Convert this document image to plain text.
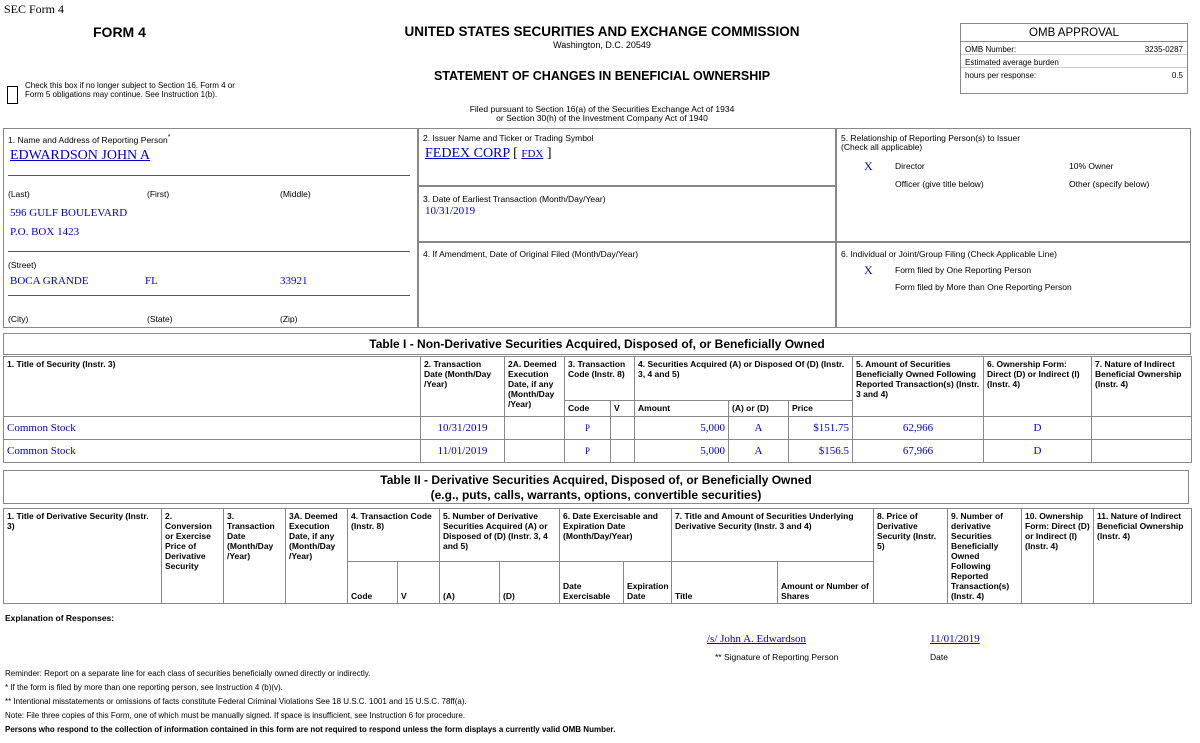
SEC Form 4
FORM 4	UNITED STATES SECURITIES AND EXCHANGE COMMISSION
Washington, D.C. 20549
STATEMENT OF CHANGES IN BENEFICIAL OWNERSHIP
Filed pursuant to Section 16(a) of the Securities Exchange Act of 1934
or Section 30(h) of the Investment Company Act of 1940
Check this box if no longer subject to Section 16. Form 4 or Form 5 obligations may continue. See Instruction 1(b).
OMB APPROVAL
OMB Number:	3235-0287
Estimated average burden
hours per response:	0.5
1. Name and Address of Reporting Person*
EDWARDSON JOHN A
(Last)	(First)	(Middle)
596 GULF BOULEVARD
P.O. BOX 1423
(Street)
BOCA GRANDE	FL	33921
(City)	(State)	(Zip)
2. Issuer Name and Ticker or Trading Symbol
FEDEX CORP [ FDX ]
3. Date of Earliest Transaction (Month/Day/Year)
10/31/2019
4. If Amendment, Date of Original Filed (Month/Day/Year)
5. Relationship of Reporting Person(s) to Issuer
(Check all applicable)
X	Director	10% Owner
Officer (give title below)	Other (specify below)
6. Individual or Joint/Group Filing (Check Applicable Line)
X	Form filed by One Reporting Person
Form filed by More than One Reporting Person
Table I - Non-Derivative Securities Acquired, Disposed of, or Beneficially Owned
1. Title of Security (Instr. 3)	2. Transaction Date (Month/Day /Year)	2A. Deemed Execution Date, if any (Month/Day /Year)	3. Transaction Code (Instr. 8)		4. Securities Acquired (A) or Disposed Of (D) (Instr. 3, 4 and 5)			5. Amount of Securities Beneficially Owned Following Reported Transaction(s) (Instr. 3 and 4)	6. Ownership Form: Direct (D) or Indirect (I) (Instr. 4)	7. Nature of Indirect Beneficial Ownership (Instr. 4)
			Code	V	Amount	(A) or (D)	Price			
Common Stock	10/31/2019		P		5,000	A	$151.75	62,966	D	
Common Stock	11/01/2019		P		5,000	A	$156.5	67,966	D	
Table II - Derivative Securities Acquired, Disposed of, or Beneficially Owned
(e.g., puts, calls, warrants, options, convertible securities)
1. Title of Derivative Security (Instr. 3)	2. Conversion or Exercise Price of Derivative Security	3. Transaction Date (Month/Day /Year)	3A. Deemed Execution Date, if any (Month/Day /Year)	4. Transaction Code (Instr. 8)		5. Number of Derivative Securities Acquired (A) or Disposed of (D) (Instr. 3, 4 and 5)		6. Date Exercisable and Expiration Date (Month/Day/Year)		7. Title and Amount of Securities Underlying Derivative Security (Instr. 3 and 4)		8. Price of Derivative Security (Instr. 5)	9. Number of derivative Securities Beneficially Owned Following Reported Transaction(s) (Instr. 4)	10. Ownership Form: Direct (D) or Indirect (I) (Instr. 4)	11. Nature of Indirect Beneficial Ownership (Instr. 4)
				Code	V	(A)	(D)	Date Exercisable	Expiration Date	Title	Amount or Number of Shares				
Explanation of Responses:
/s/ John A. Edwardson	11/01/2019
** Signature of Reporting Person	Date
Reminder: Report on a separate line for each class of securities beneficially owned directly or indirectly.
* If the form is filed by more than one reporting person, see Instruction 4 (b)(v).
** Intentional misstatements or omissions of facts constitute Federal Criminal Violations See 18 U.S.C. 1001 and 15 U.S.C. 78ff(a).
Note: File three copies of this Form, one of which must be manually signed. If space is insufficient, see Instruction 6 for procedure.
Persons who respond to the collection of information contained in this form are not required to respond unless the form displays a currently valid OMB Number.
